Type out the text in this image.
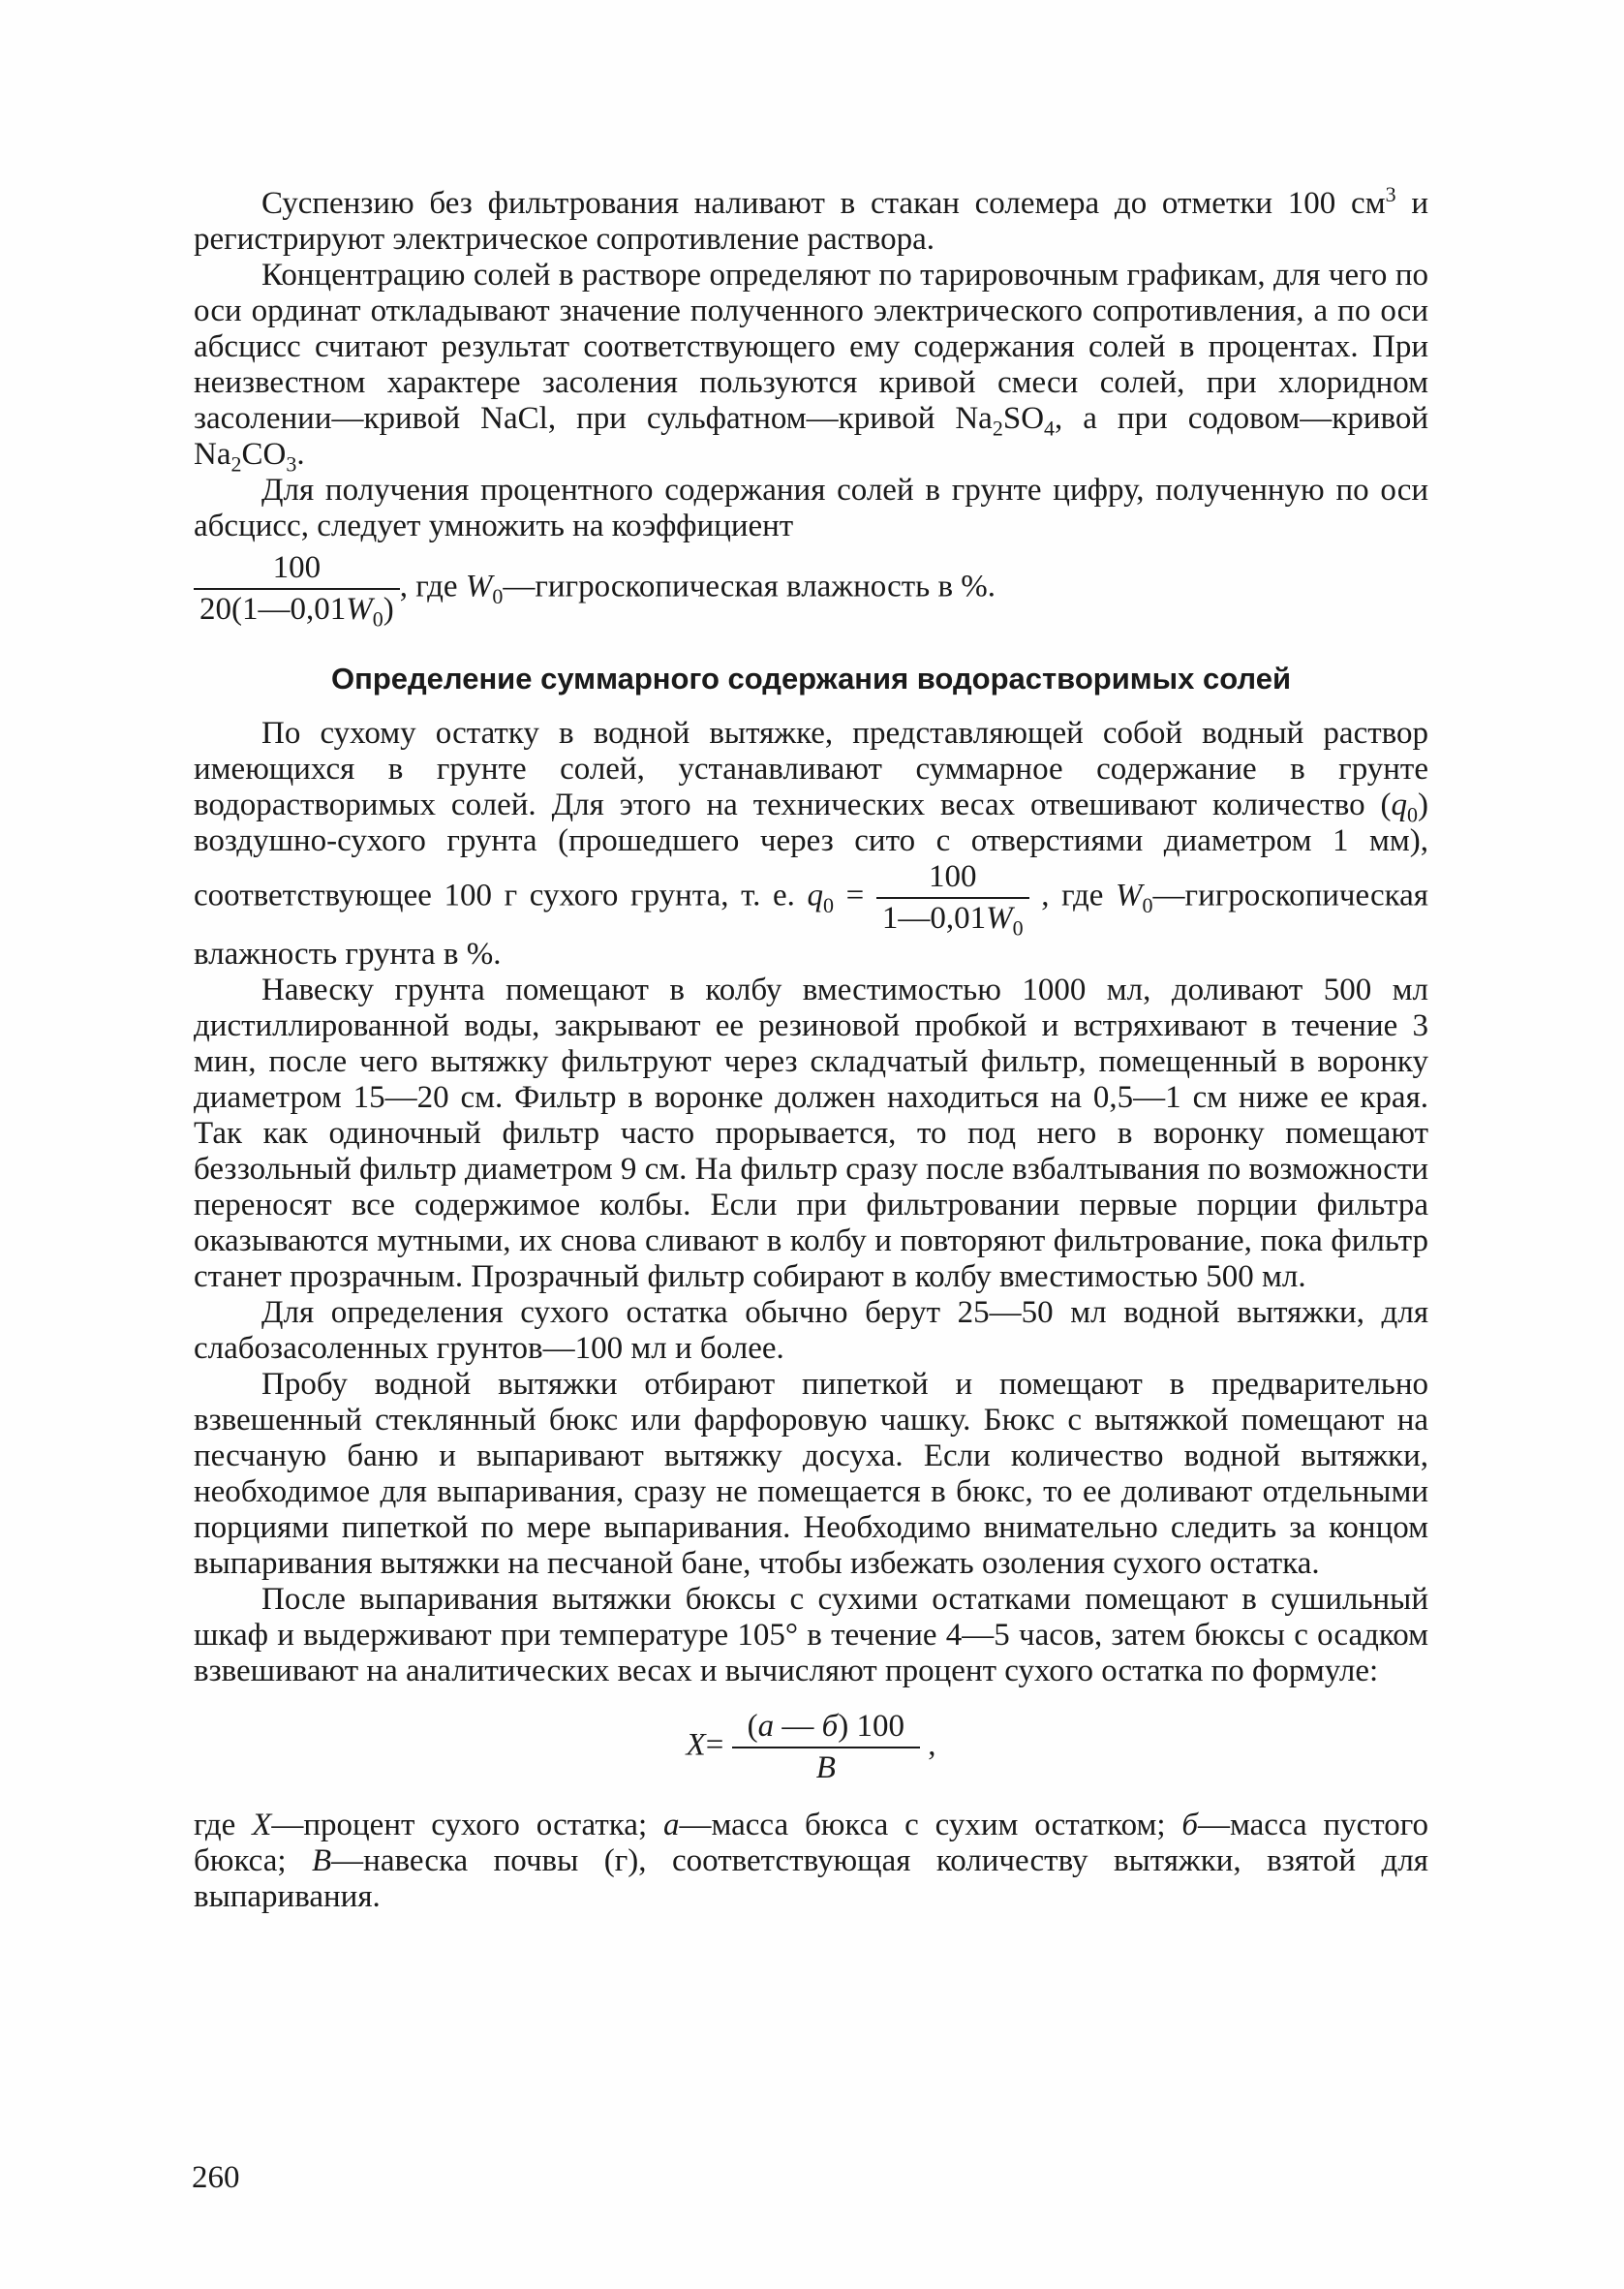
Суспензию без фильтрования наливают в стакан солемера до отметки 100 $см^3$ и регистрируют электрическое сопротивление раствора.

Концентрацию солей в растворе определяют по тарировочным графикам, для чего по оси ординат откладывают значение полученного электрического сопротивления, а по оси абсцисс считают результат соответствующего ему содержания солей в процентах. При неизвестном характере засоления пользуются кривой смеси солей, при хлоридном засолении—кривой NaCl, при сульфатном—кривой $Na_2SO_4$, а при содовом—кривой $Na_2CO_3$.

Для получения процентного содержания солей в грунте цифру, полученную по оси абсцисс, следует умножить на коэффициент

$\frac{100}{20(1—0,01W_0)}$ , где $W_0—гигроскопическая$ влажность в %.
Определение суммарного содержания водорастворимых солей

По сухому остатку в водной вытяжке, представляющей собой водный раствор имеющихся в грунте солей, устанавливают суммарное содержание в грунте водорастворимых солей. Для этого на технических весах отвешивают количество $(q_0)$ воздушно-сухого грунта (прошедшего через сито с отверстиями диаметром 1 мм), соответствующее 100 г сухого грунта, т. е. $q_0 = \frac{100}{1—0,01W_0}$ , где $W_0—гигроскопическая$ влажность грунта в %.

Навеску грунта помещают в колбу вместимостью 1000 мл, доливают 500 мл дистиллированной воды, закрывают ее резиновой пробкой и встряхивают в течение 3 мин, после чего вытяжку фильтруют через складчатый фильтр, помещенный в воронку диаметром 15—20 см. Фильтр в воронке должен находиться на 0,5—1 см ниже ее края. Так как одиночный фильтр часто прорывается, то под него в воронку помещают беззольный фильтр диаметром 9 см. На фильтр сразу после взбалтывания по возможности переносят все содержимое колбы. Если при фильтровании первые порции фильтра оказываются мутными, их снова сливают в колбу и повторяют фильтрование, пока фильтр станет прозрачным. Прозрачный фильтр собирают в колбу вместимостью 500 мл.

Для определения сухого остатка обычно берут 25—50 мл водной вытяжки, для слабозасоленных грунтов—100 мл и более.

Пробу водной вытяжки отбирают пипеткой и помещают в предварительно взвешенный стеклянный бюкс или фарфоровую чашку. Бюкс с вытяжкой помещают на песчаную баню и выпаривают вытяжку досуха. Если количество водной вытяжки, необходимое для выпаривания, сразу не помещается в бюкс, то ее доливают отдельными порциями пипеткой по мере выпаривания. Необходимо внимательно следить за концом выпаривания вытяжки на песчаной бане, чтобы избежать озоления сухого остатка.

После выпаривания вытяжки бюксы с сухими остатками помещают в сушильный шкаф и выдерживают при температуре 105° в течение 4—5 часов, затем бюксы с осадком взвешивают на аналитических весах и вычисляют процент сухого остатка по формуле:

$X= \frac{(a — б) 100}{B}$ ,

где X—процент сухого остатка; a—масса бюкса с сухим остатком; б—масса пустого бюкса; B—навеска почвы (г), соответствующая количеству вытяжки, взятой для выпаривания.

260
